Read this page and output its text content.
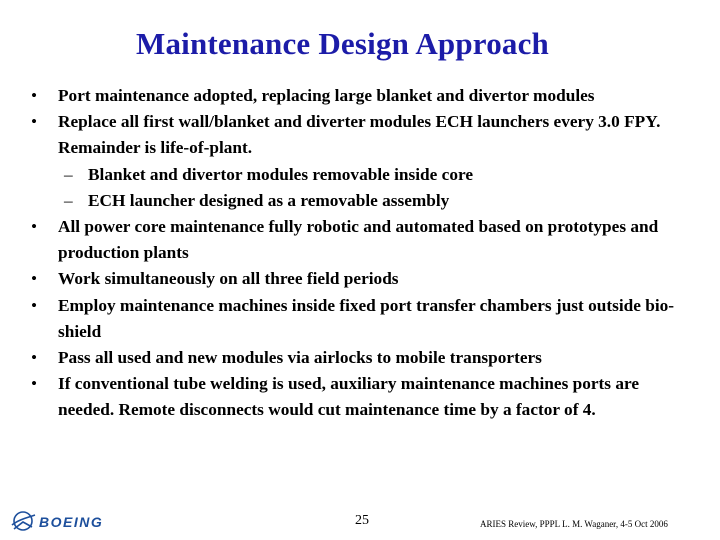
Maintenance Design Approach
• Port maintenance adopted, replacing large blanket and divertor modules
• Replace all first wall/blanket and diverter modules ECH launchers every 3.0 FPY. Remainder is life-of-plant.
– Blanket and divertor modules removable inside core
– ECH launcher designed as a removable assembly
• All power core maintenance fully robotic and automated based on prototypes and production plants
• Work simultaneously on all three field periods
• Employ maintenance machines inside fixed port transfer chambers just outside bio-shield
• Pass all used and new modules via airlocks to mobile transporters
• If conventional tube welding is used, auxiliary maintenance machines ports are needed. Remote disconnects would cut maintenance time by a factor of 4.
BOEING	25	ARIES Review, PPPL L. M. Waganer, 4-5 Oct 2006
